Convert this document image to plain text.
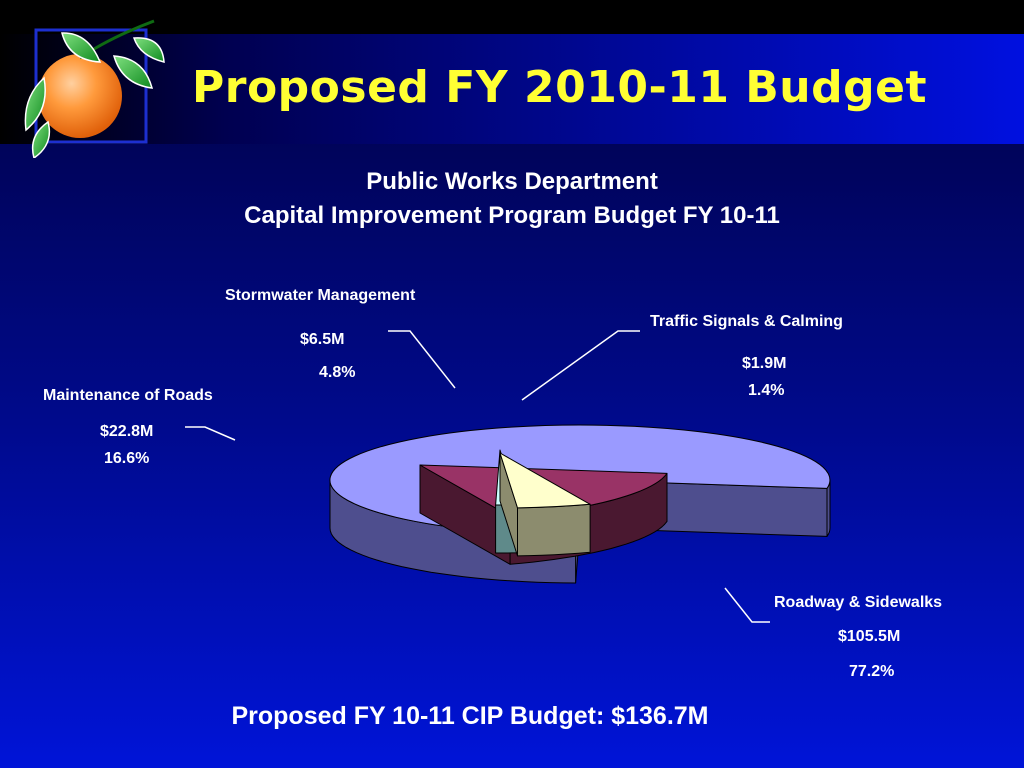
Proposed FY 2010-11 Budget
Public Works Department
Capital Improvement Program Budget FY 10-11
Roadway & Sidewalks
$105.5M
77.2%
Maintenance of Roads
$22.8M
16.6%
Stormwater Management
$6.5M
4.8%
Traffic Signals & Calming
$1.9M
1.4%
Proposed FY 10-11 CIP Budget: $136.7M
